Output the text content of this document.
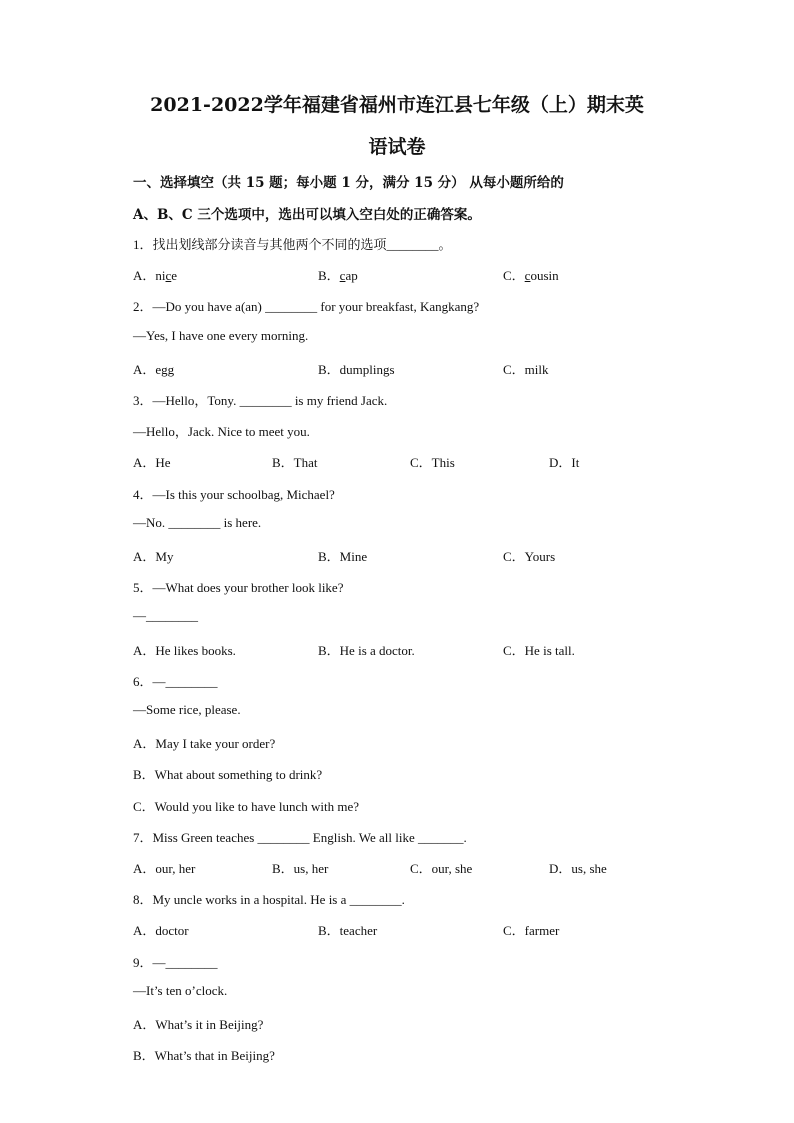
2021-2022学年福建省福州市连江县七年级（上）期末英
语试卷
一、选择填空（共 15 题；每小题 1 分，满分 15 分） 从每小题所给的
A、B、C 三个选项中，选出可以填入空白处的正确答案。
1．找出划线部分读音与其他两个不同的选项________。
A．nice	B．cap	C．cousin
2．—Do you have a(an) ________ for your breakfast, Kangkang?
—Yes, I have one every morning.
A．egg	B．dumplings	C．milk
3．—Hello，Tony. ________ is my friend Jack.
—Hello，Jack. Nice to meet you.
A．He	B．That	C．This	D．It
4．—Is this your schoolbag, Michael?
—No. ________ is here.
A．My	B．Mine	C．Yours
5．—What does your brother look like?
—________
A．He likes books.	B．He is a doctor.	C．He is tall.
6．—________
—Some rice, please.
A．May I take your order?
B．What about something to drink?
C．Would you like to have lunch with me?
7．Miss Green teaches ________ English. We all like _______.
A．our, her	B．us, her	C．our, she	D．us, she
8．My uncle works in a hospital. He is a ________.
A．doctor	B．teacher	C．farmer
9．—________
—It’s ten o’clock.
A．What’s it in Beijing?
B．What’s that in Beijing?
